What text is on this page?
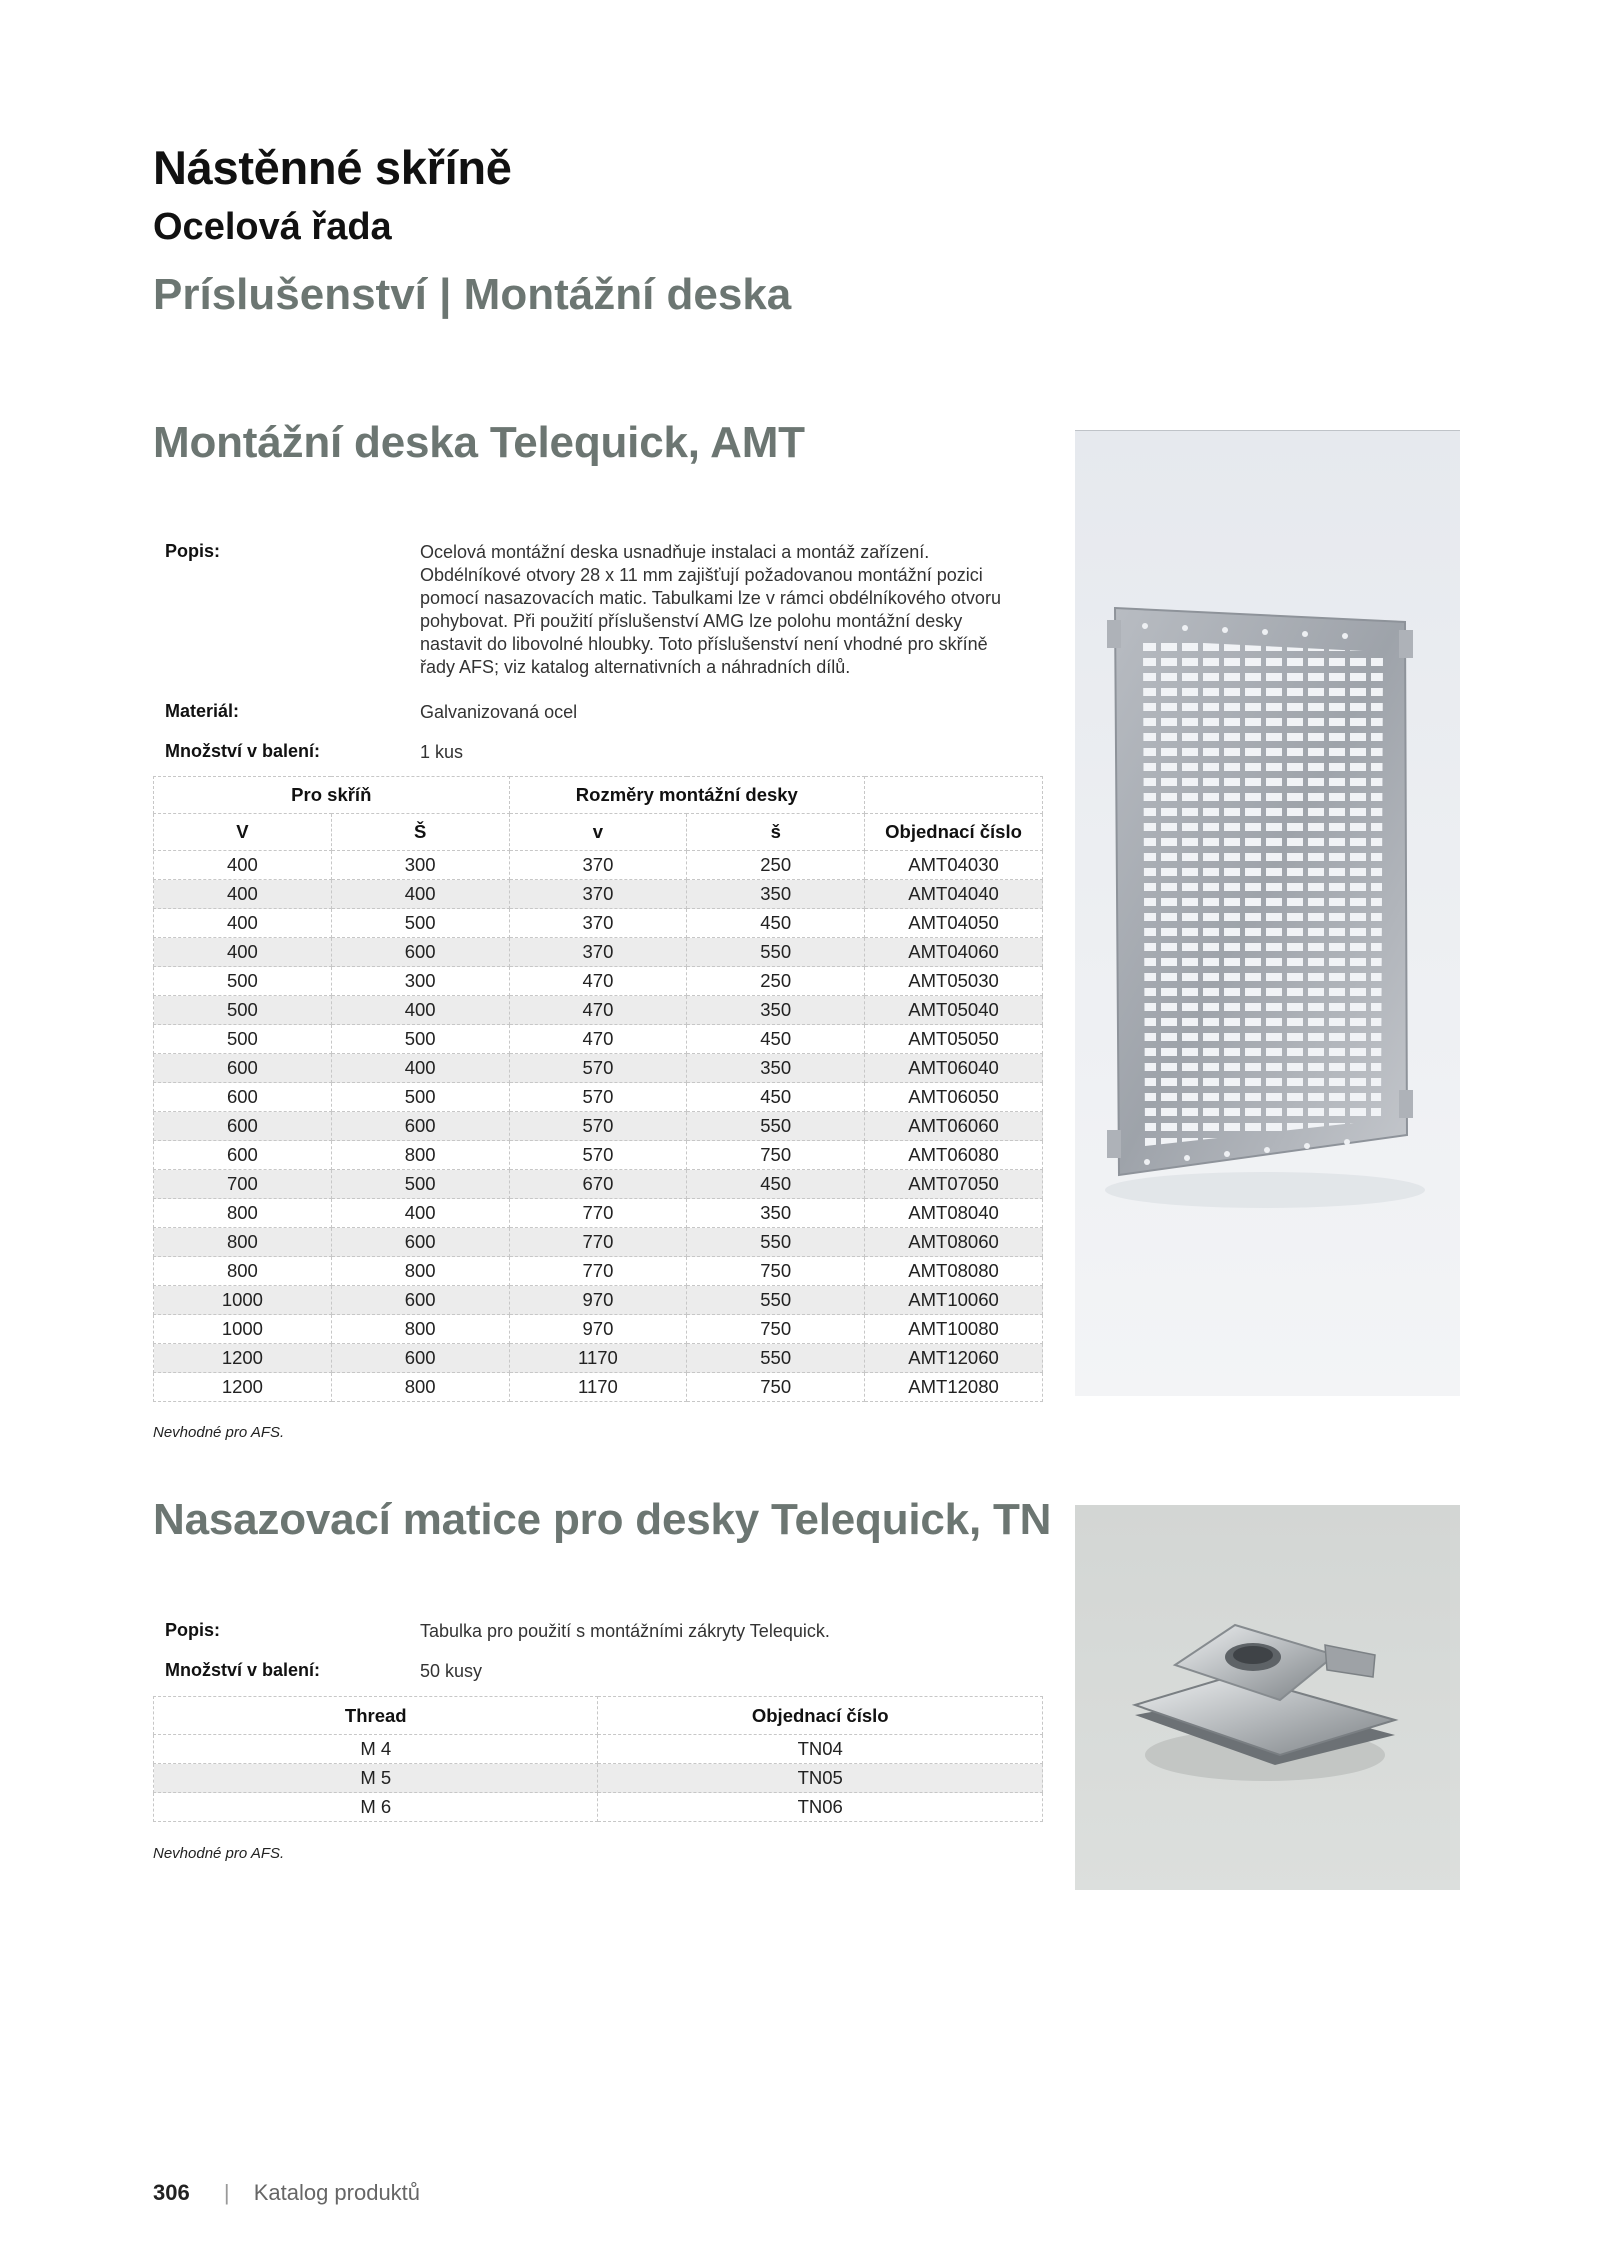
Nástěnné skříně
Ocelová řada
Príslušenství | Montážní deska
Montážní deska Telequick, AMT
Popis:	Ocelová montážní deska usnadňuje instalaci a montáž zařízení. Obdélníkové otvory 28 x 11 mm zajišťují požadovanou montážní pozici pomocí nasazovacích matic. Tabulkami lze v rámci obdélníkového otvoru pohybovat. Při použití příslušenství AMG lze polohu montážní desky nastavit do libovolné hloubky. Toto příslušenství není vhodné pro skříně řady AFS; viz katalog alternativních a náhradních dílů.
Materiál:	Galvanizovaná ocel
Množství v balení:	1 kus
Pro skříň		Rozměry montážní desky		
V	Š	v	š	Objednací číslo
400	300	370	250	AMT04030
400	400	370	350	AMT04040
400	500	370	450	AMT04050
400	600	370	550	AMT04060
500	300	470	250	AMT05030
500	400	470	350	AMT05040
500	500	470	450	AMT05050
600	400	570	350	AMT06040
600	500	570	450	AMT06050
600	600	570	550	AMT06060
600	800	570	750	AMT06080
700	500	670	450	AMT07050
800	400	770	350	AMT08040
800	600	770	550	AMT08060
800	800	770	750	AMT08080
1000	600	970	550	AMT10060
1000	800	970	750	AMT10080
1200	600	1170	550	AMT12060
1200	800	1170	750	AMT12080
Nevhodné pro AFS.
Nasazovací matice pro desky Telequick, TN
Popis:	Tabulka pro použití s montážními zákryty Telequick.
Množství v balení:	50 kusy
Thread	Objednací číslo
M 4	TN04
M 5	TN05
M 6	TN06
Nevhodné pro AFS.
306 | Katalog produktů
